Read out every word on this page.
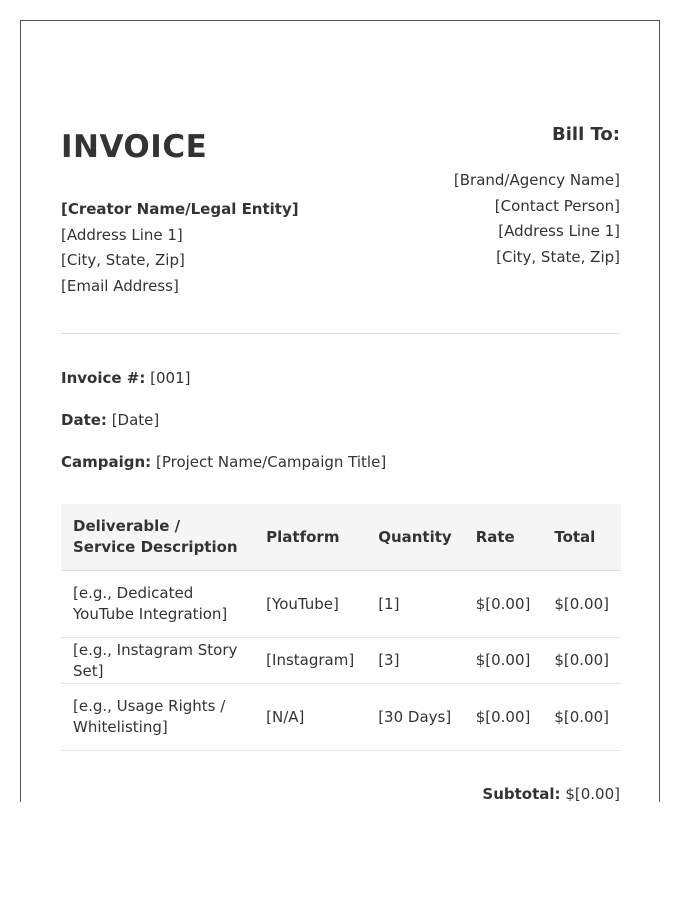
INVOICE
[Creator Name/Legal Entity]
[Address Line 1]
[City, State, Zip]
[Email Address]
Bill To:
[Brand/Agency Name]
[Contact Person]
[Address Line 1]
[City, State, Zip]
Invoice #: [001]
Date: [Date]
Campaign: [Project Name/Campaign Title]
Deliverable / Service Description	Platform	Quantity	Rate	Total
[e.g., Dedicated YouTube Integration]	[YouTube]	[1]	$[0.00]	$[0.00]
[e.g., Instagram Story Set]	[Instagram]	[3]	$[0.00]	$[0.00]
[e.g., Usage Rights / Whitelisting]	[N/A]	[30 Days]	$[0.00]	$[0.00]
Subtotal: $[0.00]
